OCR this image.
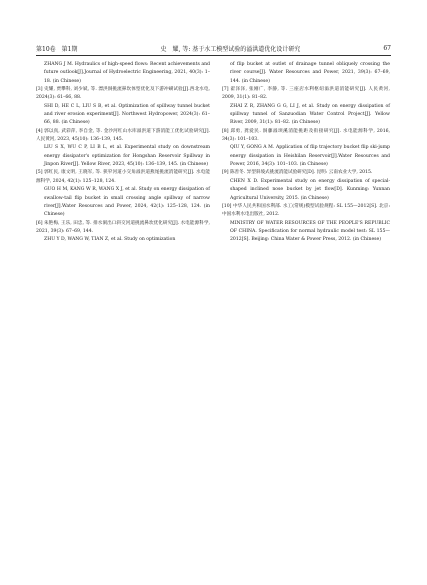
第10卷　第1期	史　耀, 等: 基于水工模型试验的溢洪道优化设计研究	67

ZHANG J M. Hydraulics of high-speed flows: Recent achievements and future outlook[J].Journal of Hydroelectric Engineering, 2021, 40(3): 1–18. (in Chinese)

[3] 史耀, 贾攀科, 刘少斌, 等. 漂洪洞挑流鼻坎体型优化及下游冲刷试验[J].西北水电, 2024(3): 61–66, 88.

SHI D, HE C L, LIU S B, et al. Optimization of spillway tunnel bucket and river erosion experiment[J]. Northwest Hydropower, 2024(3): 61–66, 88. (in Chinese)

[4] 郭以真, 武彩萍, 李自金, 等. 金沙河红山水库溢洪道下游消能工优化试验研究[J]. 人民黄河, 2023, 45(10): 136–139, 145.

LIU S X, WU C P, LI B L, et al. Experimental study on downstream energy dissipator's optimization for Hongshan Reservoir Spillway in Jinpon River[J]. Yellow River, 2023, 45(10): 136–139, 145. (in Chinese)

[5] 郭红民, 康文明, 王晓军, 等. 狭窄河道小交角溢洪道燕尾挑流消能研究[J]. 水电能源科学, 2024, 42(1): 125–128, 124.

GUO H M, KANG W R, WANG X J, et al. Study on energy dissipation of swallow-tail flip bucket in small crossing angle spillway of narrow river[J].Water Resources and Power, 2024, 42(1): 125–128, 124. (in Chinese)

[6] 朱艳梅, 王乐, 田忠, 等. 排水洞出口斜交河道挑流鼻坎优化研究[J]. 水电能源科学, 2021, 39(3): 67–69, 144.

ZHU Y D, WANG W, TIAN Z, et al. Study on optimization

of flip bucket at outlet of drainage tunnel obliquely crossing the river course[J]. Water Resources and Power, 2021, 39(3): 67–69, 144. (in Chinese)

[7] 翟泽泽, 张刚广, 李静, 等. 三座店水利枢纽溢洪道消能研究[J]. 人民黄河, 2009, 31(1): 81–82.

ZHAI Z R, ZHANG G G, LI J, et al. Study on energy dissipation of spillway tunnel of Sanzuodian Water Control Project[J]. Yellow River, 2009, 31(1): 81–82. (in Chinese)

[8] 邱勇, 龚爱民. 洞藤溢坝溪消能挑距及衔接研究[J]. 水电能源科学, 2016, 34(3): 101–103.

QIU Y, GONG A M. Application of flip trajectory bucket flip ski-jump energy dissipation in Heishilan Reservoir[J].Water Resources and Power, 2016, 34(3): 101–103. (in Chinese)

[9] 陈善冬. 异型斜坡式挑流消能试验研究[D]. 昆明: 云南农业大学, 2015.

CHEN X D. Experimental study on energy dissipation of special-shaped inclined nose bucket by jet flow[D]. Kunming: Yunnan Agricultural University, 2015. (in Chinese)

[10] 中华人民共和国水利部. 水工(常规)模型试验规程: SL 155—2012[S]. 北京: 中国水利水电出版社, 2012.

MINISTRY OF WATER RESOURCES OF THE PEOPLE'S REPUBLIC OF CHINA. Specification for normal hydraulic model test: SL 155—2012[S]. Beijing: China Water & Power Press, 2012. (in Chinese)
